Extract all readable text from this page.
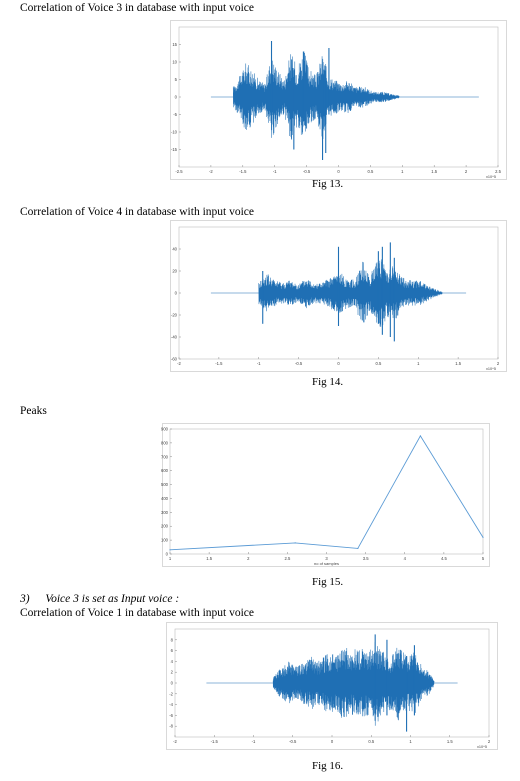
Correlation of Voice 3 in database with input voice
-2.5	-2	-1.5	-1	-0.5	0	0.5	1	1.5	2	2.5
15
10
5
0
-5
-10
-15
x10^5
Fig 13.
Correlation of Voice 4 in database with input voice
-2	-1.5	-1	-0.5	0	0.5	1	1.5	2
40
20
0
-20
-40
-60
x10^5
Fig 14.
Peaks
1	1.5	2	2.5	3	3.5	4	4.5	5
900
800
700
600
500
400
300
200
100
0
no of samples
Fig 15.
3) Voice 3 is set as Input voice :
Correlation of Voice 1 in database with input voice
-2	-1.5	-1	-0.5	0	0.5	1	1.5	2
8
6
4
2
0
-2
-4
-6
-8
x10^5
Fig 16.
